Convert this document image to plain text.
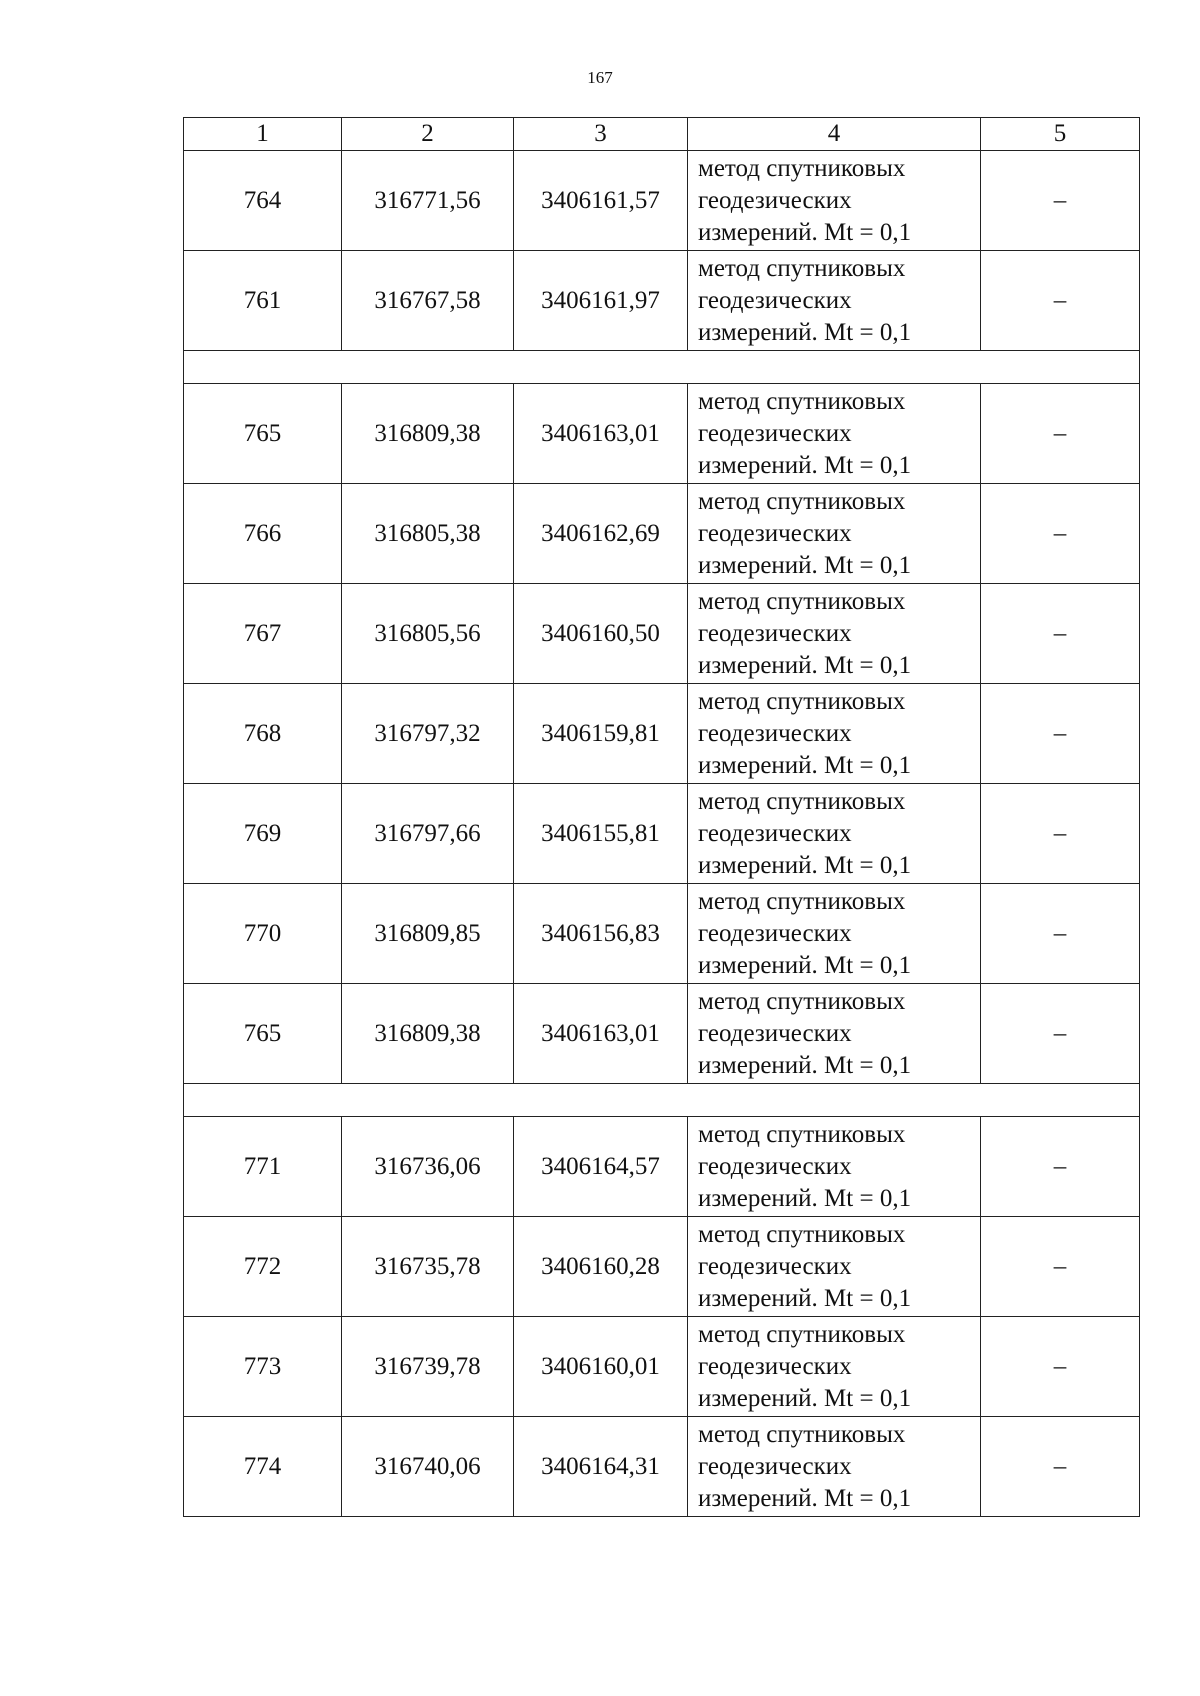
167
1	2	3	4	5
764	316771,56	3406161,57	метод спутниковых
геодезических
измерений. Mt = 0,1	–
761	316767,58	3406161,97	метод спутниковых
геодезических
измерений. Mt = 0,1	–

765	316809,38	3406163,01	метод спутниковых
геодезических
измерений. Mt = 0,1	–
766	316805,38	3406162,69	метод спутниковых
геодезических
измерений. Mt = 0,1	–
767	316805,56	3406160,50	метод спутниковых
геодезических
измерений. Mt = 0,1	–
768	316797,32	3406159,81	метод спутниковых
геодезических
измерений. Mt = 0,1	–
769	316797,66	3406155,81	метод спутниковых
геодезических
измерений. Mt = 0,1	–
770	316809,85	3406156,83	метод спутниковых
геодезических
измерений. Mt = 0,1	–
765	316809,38	3406163,01	метод спутниковых
геодезических
измерений. Mt = 0,1	–

771	316736,06	3406164,57	метод спутниковых
геодезических
измерений. Mt = 0,1	–
772	316735,78	3406160,28	метод спутниковых
геодезических
измерений. Mt = 0,1	–
773	316739,78	3406160,01	метод спутниковых
геодезических
измерений. Mt = 0,1	–
774	316740,06	3406164,31	метод спутниковых
геодезических
измерений. Mt = 0,1	–
